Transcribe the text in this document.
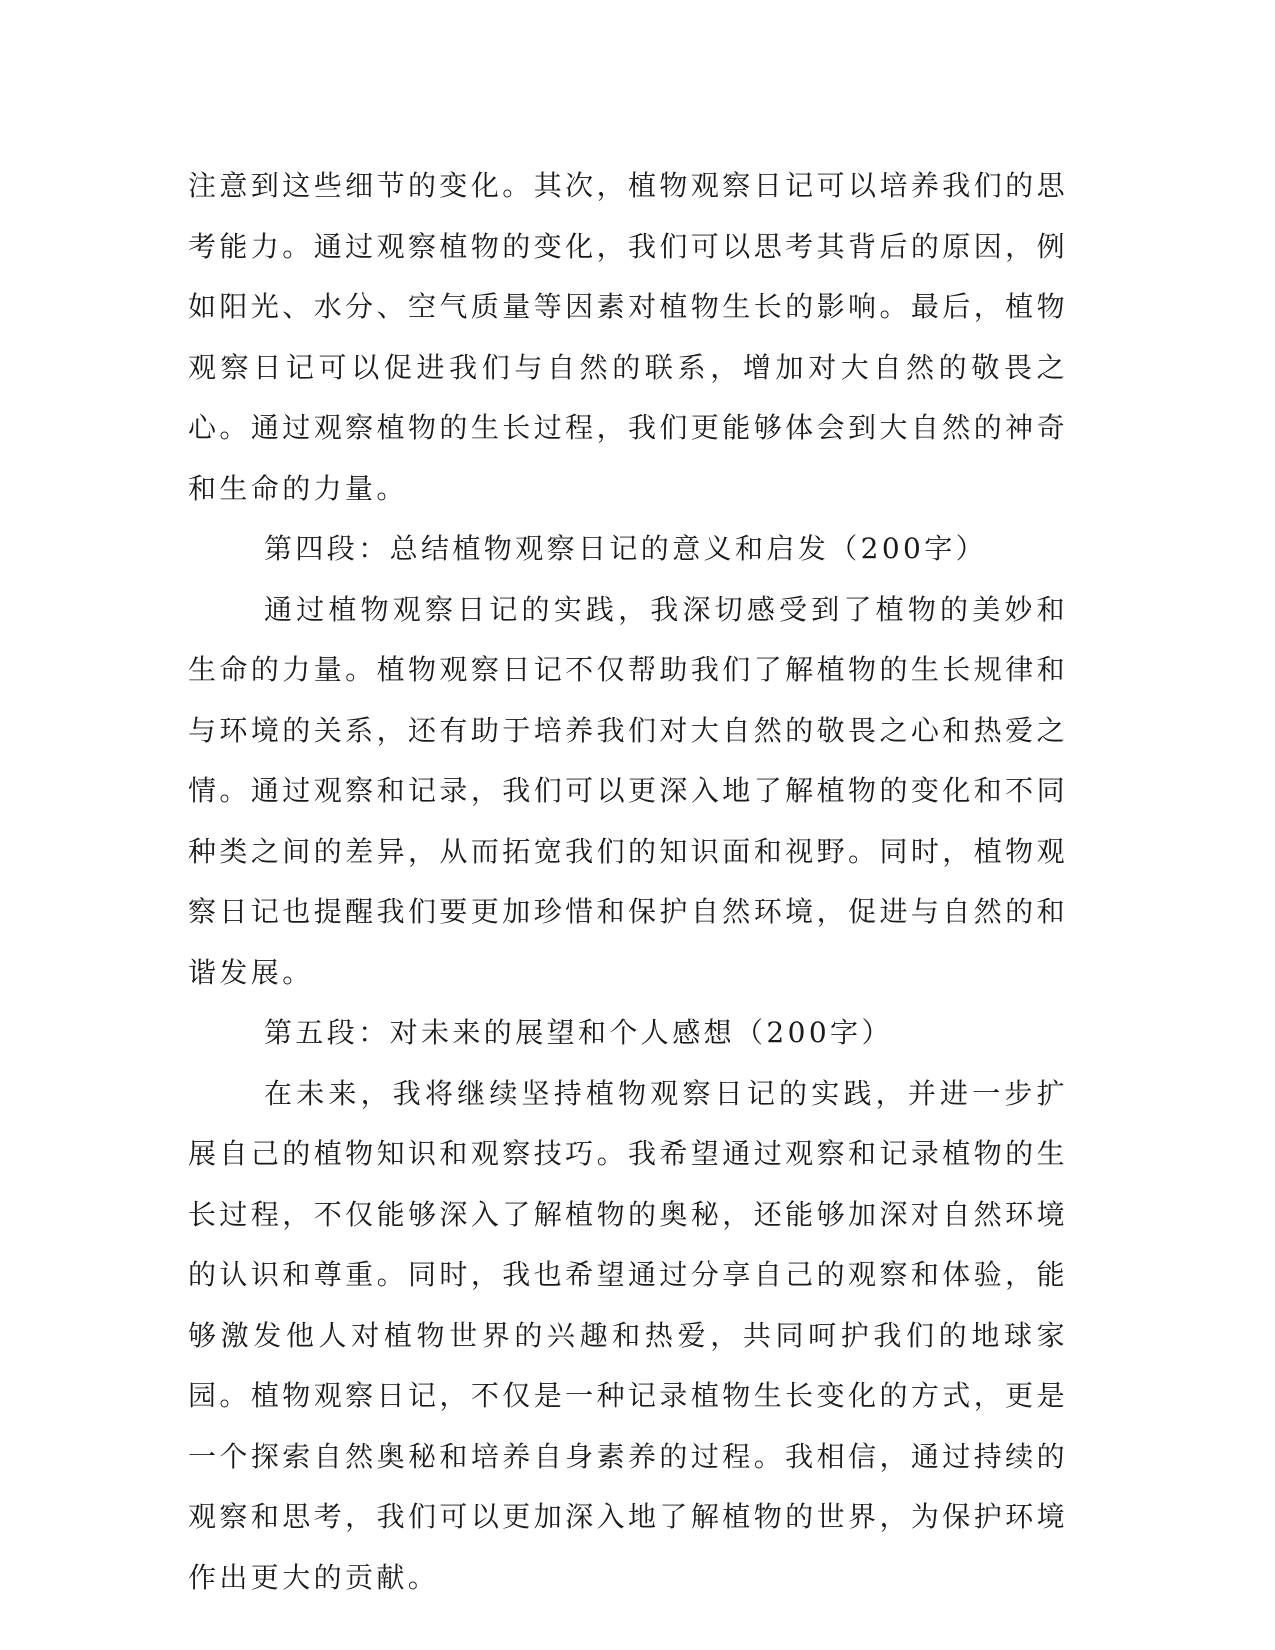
注意到这些细节的变化。其次，植物观察日记可以培养我们的思考能力。通过观察植物的变化，我们可以思考其背后的原因，例如阳光、水分、空气质量等因素对植物生长的影响。最后，植物观察日记可以促进我们与自然的联系，增加对大自然的敬畏之心。通过观察植物的生长过程，我们更能够体会到大自然的神奇和生命的力量。

第四段：总结植物观察日记的意义和启发（200字）

通过植物观察日记的实践，我深切感受到了植物的美妙和生命的力量。植物观察日记不仅帮助我们了解植物的生长规律和与环境的关系，还有助于培养我们对大自然的敬畏之心和热爱之情。通过观察和记录，我们可以更深入地了解植物的变化和不同种类之间的差异，从而拓宽我们的知识面和视野。同时，植物观察日记也提醒我们要更加珍惜和保护自然环境，促进与自然的和谐发展。

第五段：对未来的展望和个人感想（200字）

在未来，我将继续坚持植物观察日记的实践，并进一步扩展自己的植物知识和观察技巧。我希望通过观察和记录植物的生长过程，不仅能够深入了解植物的奥秘，还能够加深对自然环境的认识和尊重。同时，我也希望通过分享自己的观察和体验，能够激发他人对植物世界的兴趣和热爱，共同呵护我们的地球家园。植物观察日记，不仅是一种记录植物生长变化的方式，更是一个探索自然奥秘和培养自身素养的过程。我相信，通过持续的观察和思考，我们可以更加深入地了解植物的世界，为保护环境作出更大的贡献。
